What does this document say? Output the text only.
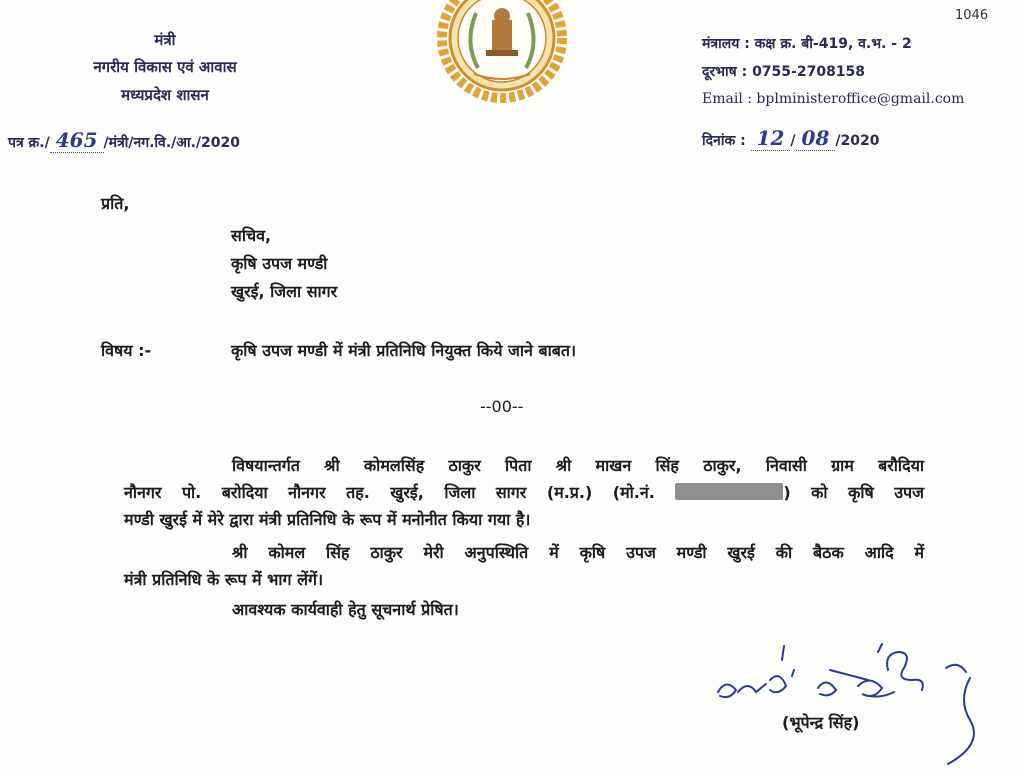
मंत्री
नगरीय विकास एवं आवास
मध्यप्रदेश शासन
पत्र क्र./ 465 /मंत्री/नग.वि./आ./2020
1046
मंत्रालय : कक्ष क्र. बी-419, व.भ. - 2
दूरभाष : 0755-2708158
Email : bplministeroffice@gmail.com
दिनांक : 12 / 08 /2020
प्रति,
सचिव,
कृषि उपज मण्डी
खुरई, जिला सागर
विषय :-	कृषि उपज मण्डी में मंत्री प्रतिनिधि नियुक्त किये जाने बाबत।
--00--
विषयान्तर्गत श्री कोमलसिंह ठाकुर पिता श्री माखन सिंह ठाकुर, निवासी ग्राम बरौदिया
नौनगर पो. बरोदिया नौनगर तह. खुरई, जिला सागर (म.प्र.) (मो.नं.	) को कृषि उपज
मण्डी खुरई में मेरे द्वारा मंत्री प्रतिनिधि के रूप में मनोनीत किया गया है।
श्री कोमल सिंह ठाकुर मेरी अनुपस्थिति में कृषि उपज मण्डी खुरई की बैठक आदि में
मंत्री प्रतिनिधि के रूप में भाग लेंगें।
आवश्यक कार्यवाही हेतु सूचनार्थ प्रेषित।
(भूपेन्द्र सिंह)
